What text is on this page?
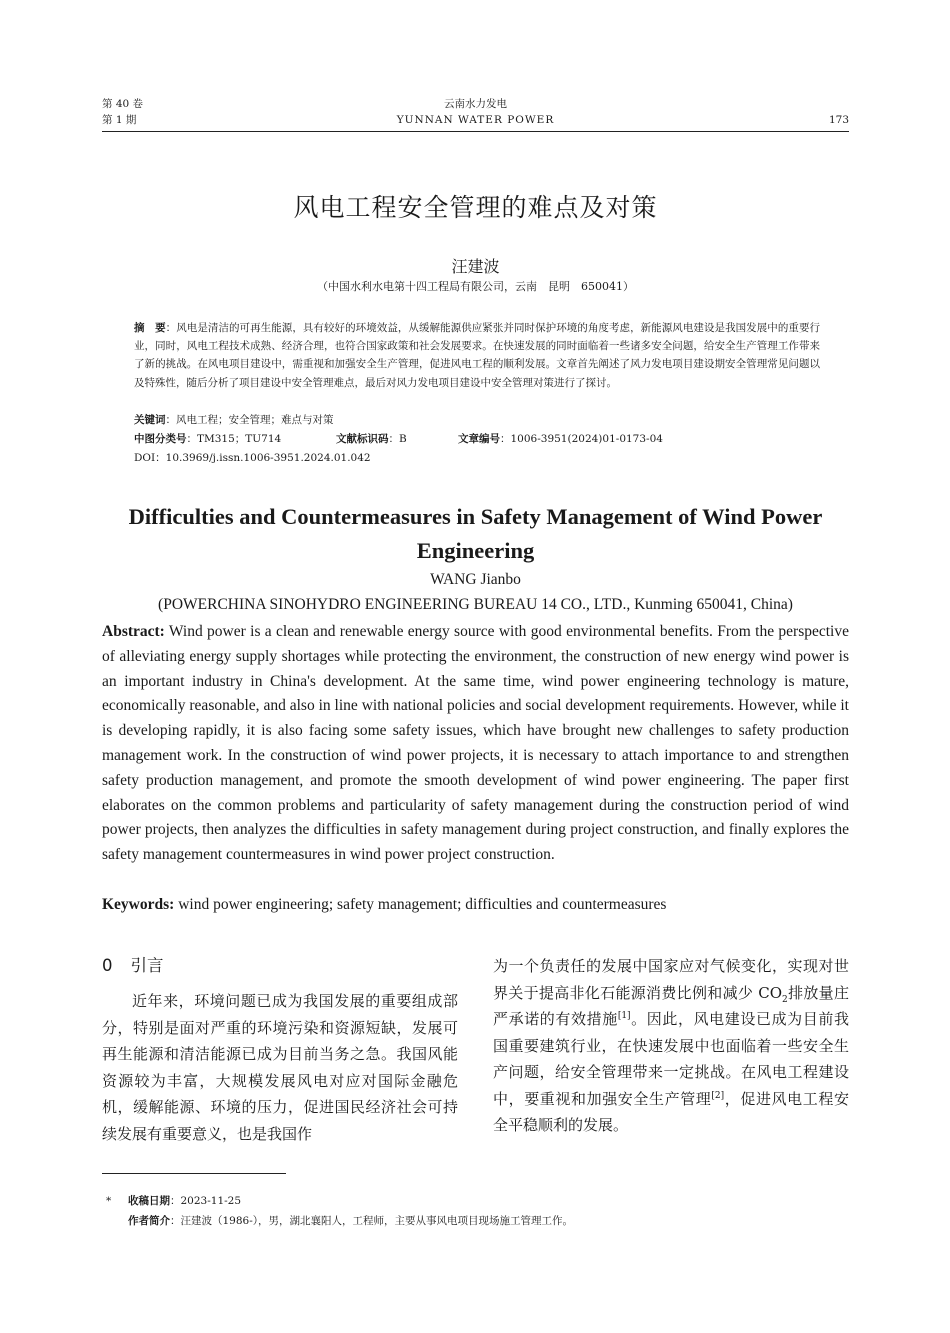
第 40 卷
第 1 期
云南水力发电
YUNNAN WATER POWER	173
风电工程安全管理的难点及对策
汪建波
（中国水利水电第十四工程局有限公司，云南　昆明　650041）
摘　要：风电是清洁的可再生能源，具有较好的环境效益，从缓解能源供应紧张并同时保护环境的角度考虑，新能源风电建设是我国发展中的重要行业，同时，风电工程技术成熟、经济合理，也符合国家政策和社会发展要求。在快速发展的同时面临着一些诸多安全问题，给安全生产管理工作带来了新的挑战。在风电项目建设中，需重视和加强安全生产管理，促进风电工程的顺利发展。文章首先阐述了风力发电项目建设期安全管理常见问题以及特殊性，随后分析了项目建设中安全管理难点，最后对风力发电项目建设中安全管理对策进行了探讨。
关键词：风电工程；安全管理；难点与对策
中图分类号：TM315；TU714	文献标识码：B	文章编号：1006-3951(2024)01-0173-04
DOI：10.3969/j.issn.1006-3951.2024.01.042
Difficulties and Countermeasures in Safety Management of Wind Power Engineering
WANG Jianbo
(POWERCHINA SINOHYDRO ENGINEERING BUREAU 14 CO., LTD., Kunming 650041, China)
Abstract: Wind power is a clean and renewable energy source with good environmental benefits. From the perspective of alleviating energy supply shortages while protecting the environment, the construction of new energy wind power is an important industry in China's development. At the same time, wind power engineering technology is mature, economically reasonable, and also in line with national policies and social development requirements. However, while it is developing rapidly, it is also facing some safety issues, which have brought new challenges to safety production management work. In the construction of wind power projects, it is necessary to attach importance to and strengthen safety production management, and promote the smooth development of wind power engineering. The paper first elaborates on the common problems and particularity of safety management during the construction period of wind power projects, then analyzes the difficulties in safety management during project construction, and finally explores the safety management countermeasures in wind power project construction.
Keywords: wind power engineering; safety management; difficulties and countermeasures
0 引言

近年来，环境问题已成为我国发展的重要组成部分，特别是面对严重的环境污染和资源短缺，发展可再生能源和清洁能源已成为目前当务之急。我国风能资源较为丰富，大规模发展风电对应对国际金融危机，缓解能源、环境的压力，促进国民经济社会可持续发展有重要意义，也是我国作

为一个负责任的发展中国家应对气候变化，实现对世界关于提高非化石能源消费比例和减少 $CO_2$排放量庄严承诺的有效措施[1]。因此，风电建设已成为目前我国重要建筑行业，在快速发展中也面临着一些安全生产问题，给安全管理带来一定挑战。在风电工程建设中，要重视和加强安全生产管理[2]，促进风电工程安全平稳顺利的发展。

* 收稿日期：2023-11-25
作者简介：汪建波（1986-），男，湖北襄阳人，工程师，主要从事风电项目现场施工管理工作。
